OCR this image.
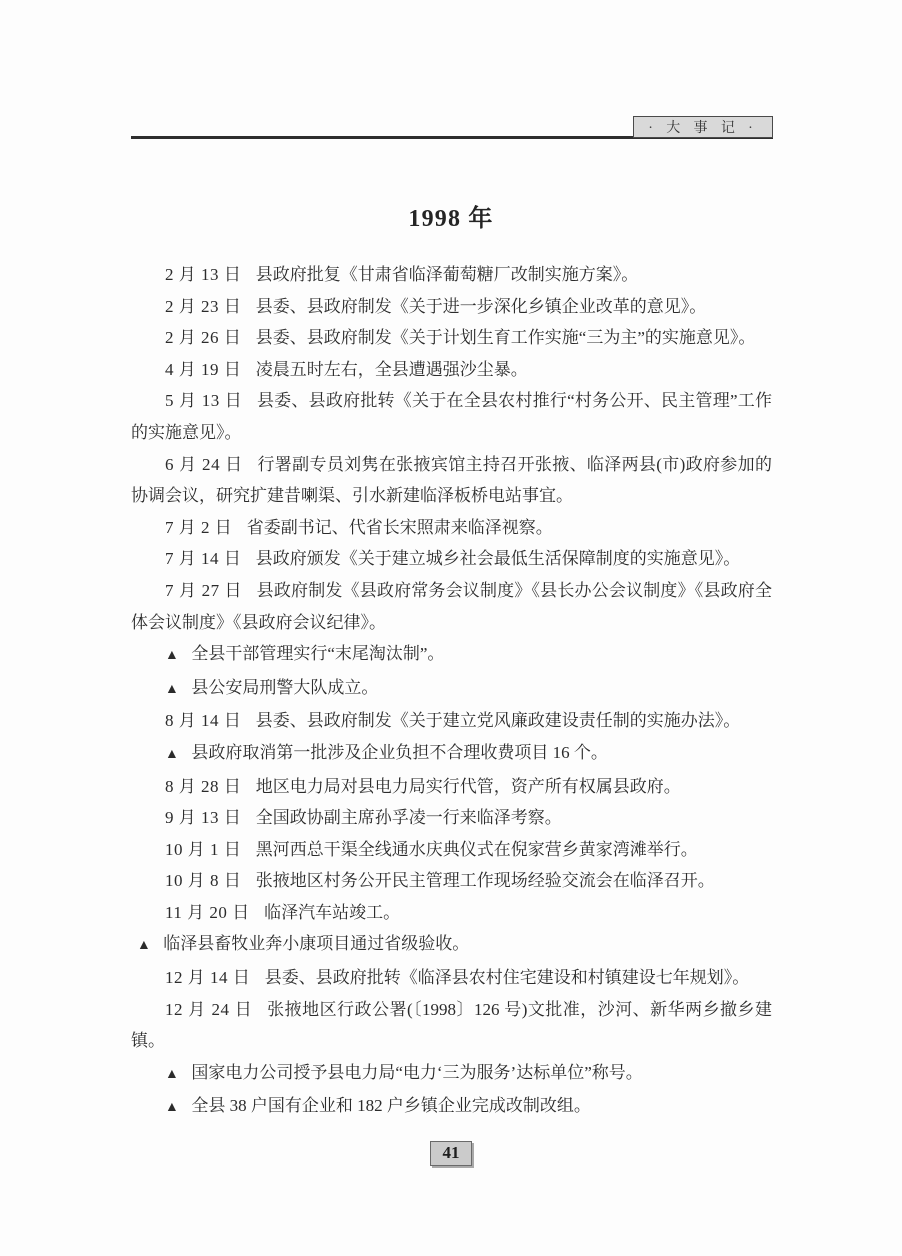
· 大 事 记 ·
1998 年

2 月 13 日 县政府批复《甘肃省临泽葡萄糖厂改制实施方案》。

2 月 23 日 县委、县政府制发《关于进一步深化乡镇企业改革的意见》。

2 月 26 日 县委、县政府制发《关于计划生育工作实施“三为主”的实施意见》。

4 月 19 日 凌晨五时左右，全县遭遇强沙尘暴。

5 月 13 日 县委、县政府批转《关于在全县农村推行“村务公开、民主管理”工作的实施意见》。

6 月 24 日 行署副专员刘隽在张掖宾馆主持召开张掖、临泽两县(市)政府参加的协调会议，研究扩建昔喇渠、引水新建临泽板桥电站事宜。

7 月 2 日 省委副书记、代省长宋照肃来临泽视察。

7 月 14 日 县政府颁发《关于建立城乡社会最低生活保障制度的实施意见》。

7 月 27 日 县政府制发《县政府常务会议制度》《县长办公会议制度》《县政府全体会议制度》《县政府会议纪律》。

▲ 全县干部管理实行“末尾淘汰制”。

▲ 县公安局刑警大队成立。

8 月 14 日 县委、县政府制发《关于建立党风廉政建设责任制的实施办法》。

▲ 县政府取消第一批涉及企业负担不合理收费项目 16 个。

8 月 28 日 地区电力局对县电力局实行代管，资产所有权属县政府。

9 月 13 日 全国政协副主席孙孚凌一行来临泽考察。

10 月 1 日 黑河西总干渠全线通水庆典仪式在倪家营乡黄家湾滩举行。

10 月 8 日 张掖地区村务公开民主管理工作现场经验交流会在临泽召开。

11 月 20 日 临泽汽车站竣工。

▲ 临泽县畜牧业奔小康项目通过省级验收。

12 月 14 日 县委、县政府批转《临泽县农村住宅建设和村镇建设七年规划》。

12 月 24 日 张掖地区行政公署(〔1998〕126 号)文批准，沙河、新华两乡撤乡建镇。

▲ 国家电力公司授予县电力局“电力‘三为服务’达标单位”称号。

▲ 全县 38 户国有企业和 182 户乡镇企业完成改制改组。

41
